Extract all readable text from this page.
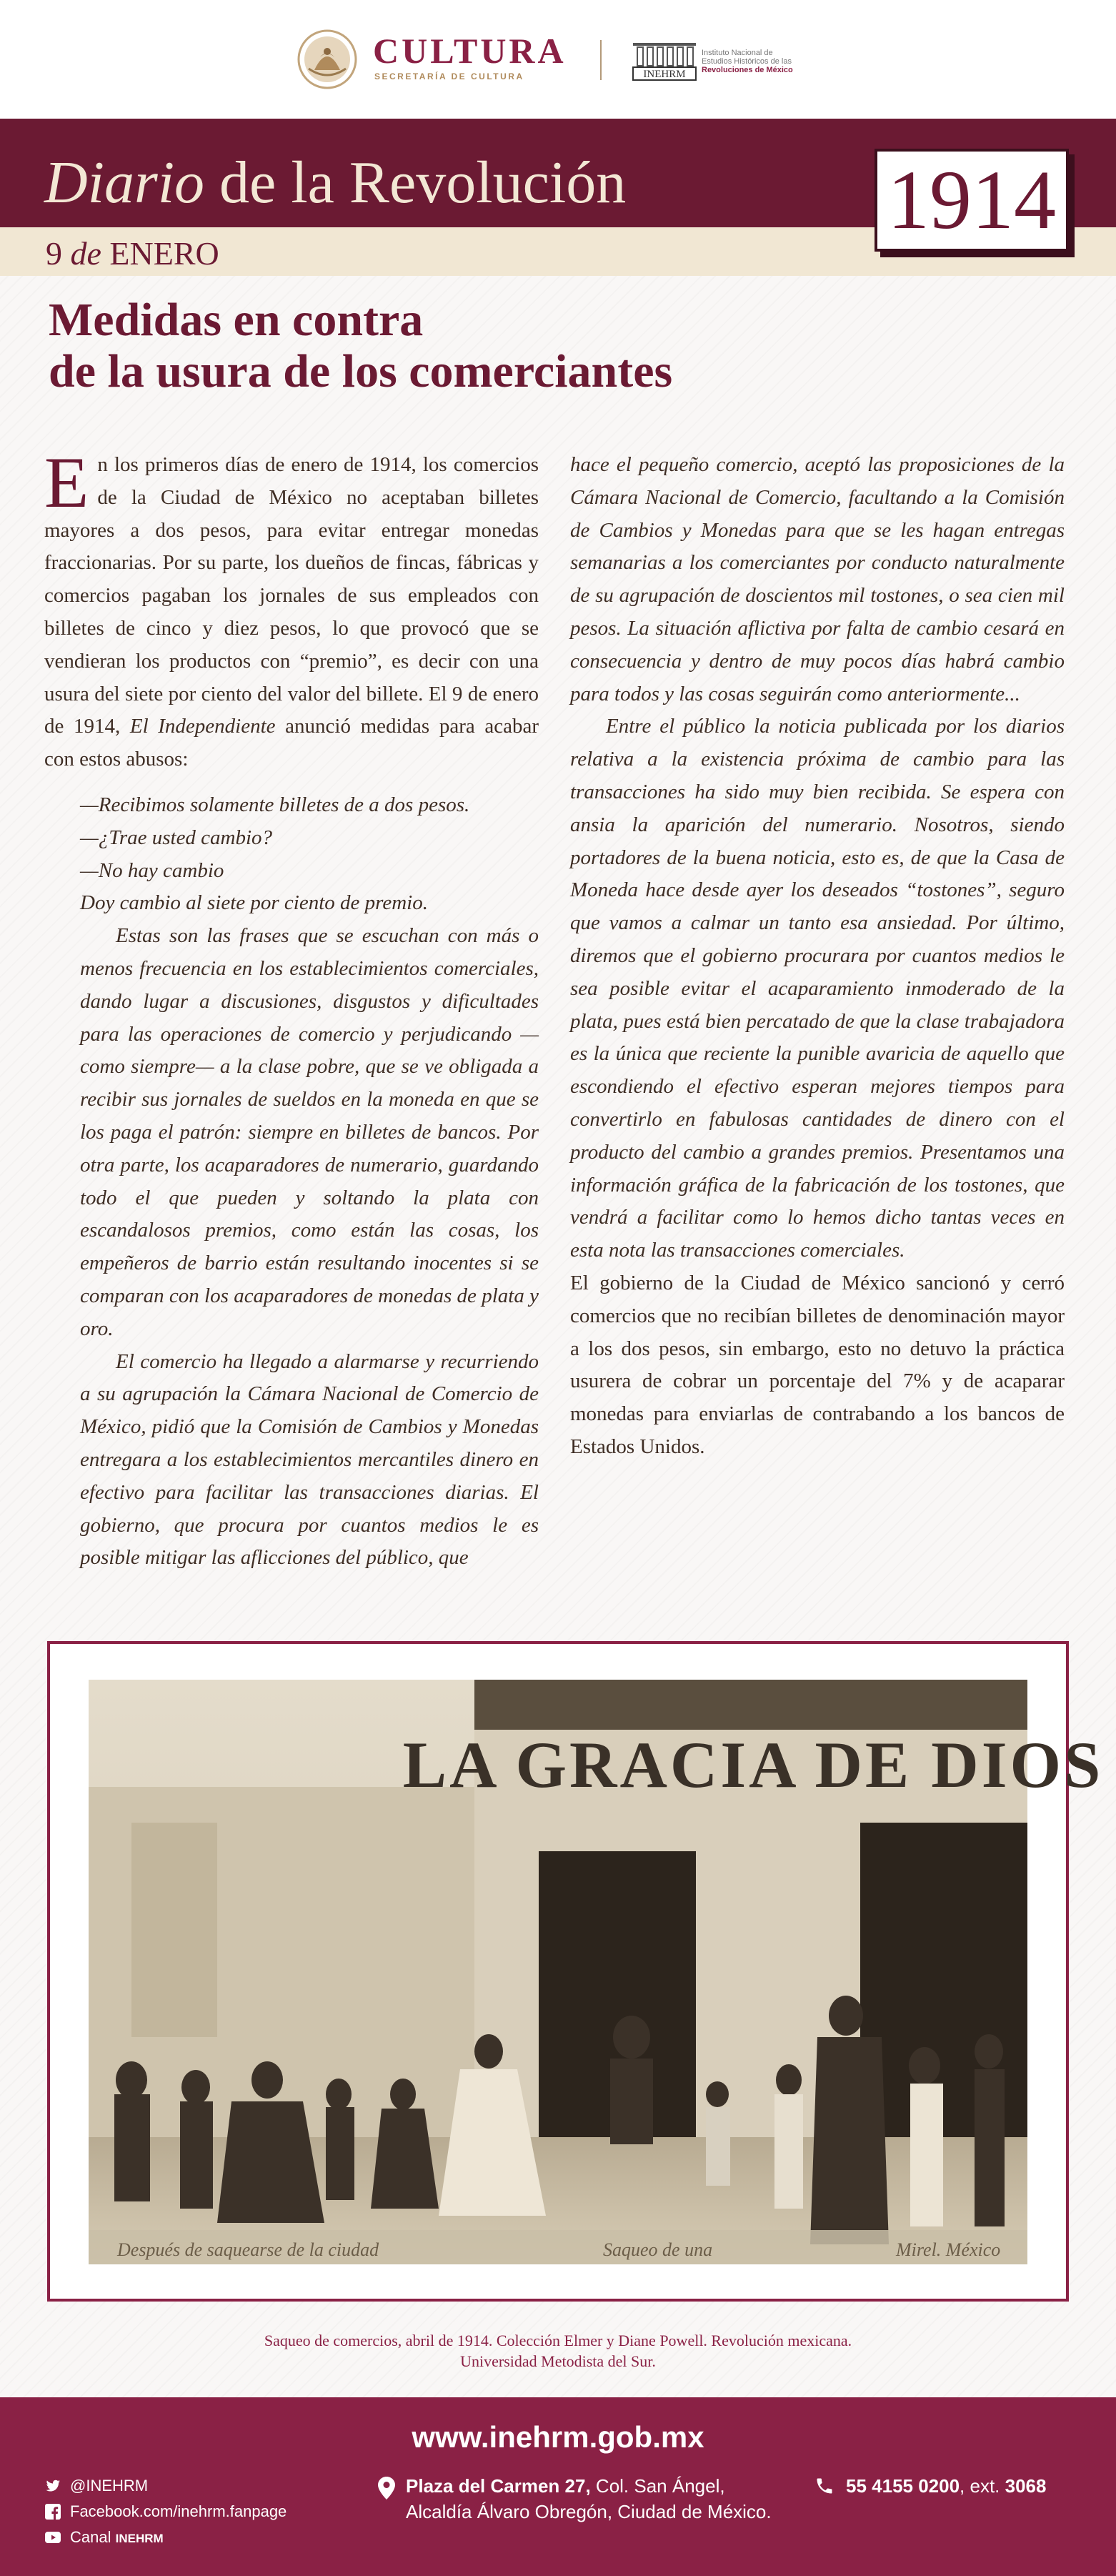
CULTURA
SECRETARÍA DE CULTURA	INEHRM
Instituto Nacional de
Estudios Históricos de las
Revoluciones de México
Diario de la Revolución
9 de ENERO
1914
Medidas en contra
de la usura de los comerciantes

En los primeros días de enero de 1914, los comercios de la Ciudad de México no aceptaban billetes mayores a dos pesos, para evitar entregar monedas fraccionarias. Por su parte, los dueños de fincas, fábricas y comercios pagaban los jornales de sus empleados con billetes de cinco y diez pesos, lo que provocó que se vendieran los productos con “premio”, es decir con una usura del siete por ciento del valor del billete. El 9 de enero de 1914, El Independiente anunció medidas para acabar con estos abusos:

—Recibimos solamente billetes de a dos pesos.

—¿Trae usted cambio?

—No hay cambio

Doy cambio al siete por ciento de premio.

Estas son las frases que se escuchan con más o menos frecuencia en los establecimientos comerciales, dando lugar a discusiones, disgustos y dificultades para las operaciones de comercio y perjudicando —como siempre— a la clase pobre, que se ve obligada a recibir sus jornales de sueldos en la moneda en que se los paga el patrón: siempre en billetes de bancos. Por otra parte, los acaparadores de numerario, guardando todo el que pueden y soltando la plata con escandalosos premios, como están las cosas, los empeñeros de barrio están resultando inocentes si se comparan con los acaparadores de monedas de plata y oro.

El comercio ha llegado a alarmarse y recurriendo a su agrupación la Cámara Nacional de Comercio de México, pidió que la Comisión de Cambios y Monedas entregara a los establecimientos mercantiles dinero en efectivo para facilitar las transacciones diarias. El gobierno, que procura por cuantos medios le es posible mitigar las aflicciones del público, que

hace el pequeño comercio, aceptó las proposiciones de la Cámara Nacional de Comercio, facultando a la Comisión de Cambios y Monedas para que se les hagan entregas semanarias a los comerciantes por conducto naturalmente de su agrupación de doscientos mil tostones, o sea cien mil pesos. La situación aflictiva por falta de cambio cesará en consecuencia y dentro de muy pocos días habrá cambio para todos y las cosas seguirán como anteriormente...

Entre el público la noticia publicada por los diarios relativa a la existencia próxima de cambio para las transacciones ha sido muy bien recibida. Se espera con ansia la aparición del numerario. Nosotros, siendo portadores de la buena noticia, esto es, de que la Casa de Moneda hace desde ayer los deseados “tostones”, seguro que vamos a calmar un tanto esa ansiedad. Por último, diremos que el gobierno procurara por cuantos medios le sea posible evitar el acaparamiento inmoderado de la plata, pues está bien percatado de que la clase trabajadora es la única que reciente la punible avaricia de aquello que escondiendo el efectivo esperan mejores tiempos para convertirlo en fabulosas cantidades de dinero con el producto del cambio a grandes premios. Presentamos una información gráfica de la fabricación de los tostones, que vendrá a facilitar como lo hemos dicho tantas veces en esta nota las transacciones comerciales.

El gobierno de la Ciudad de México sancionó y cerró comercios que no recibían billetes de denominación mayor a los dos pesos, sin embargo, esto no detuvo la práctica usurera de cobrar un porcentaje del 7% y de acaparar monedas para enviarlas de contrabando a los bancos de Estados Unidos.

LA GRACIA DE DIOS
Después de saquearse de la ciudad	Saqueo de una	Mirel. México
Saqueo de comercios, abril de 1914. Colección Elmer y Diane Powell. Revolución mexicana.
Universidad Metodista del Sur.
www.inehrm.gob.mx
@INEHRM
Facebook.com/inehrm.fanpage
Canal INEHRM
Plaza del Carmen 27, Col. San Ángel,
Alcaldía Álvaro Obregón, Ciudad de México.
55 4155 0200, ext. 3068
